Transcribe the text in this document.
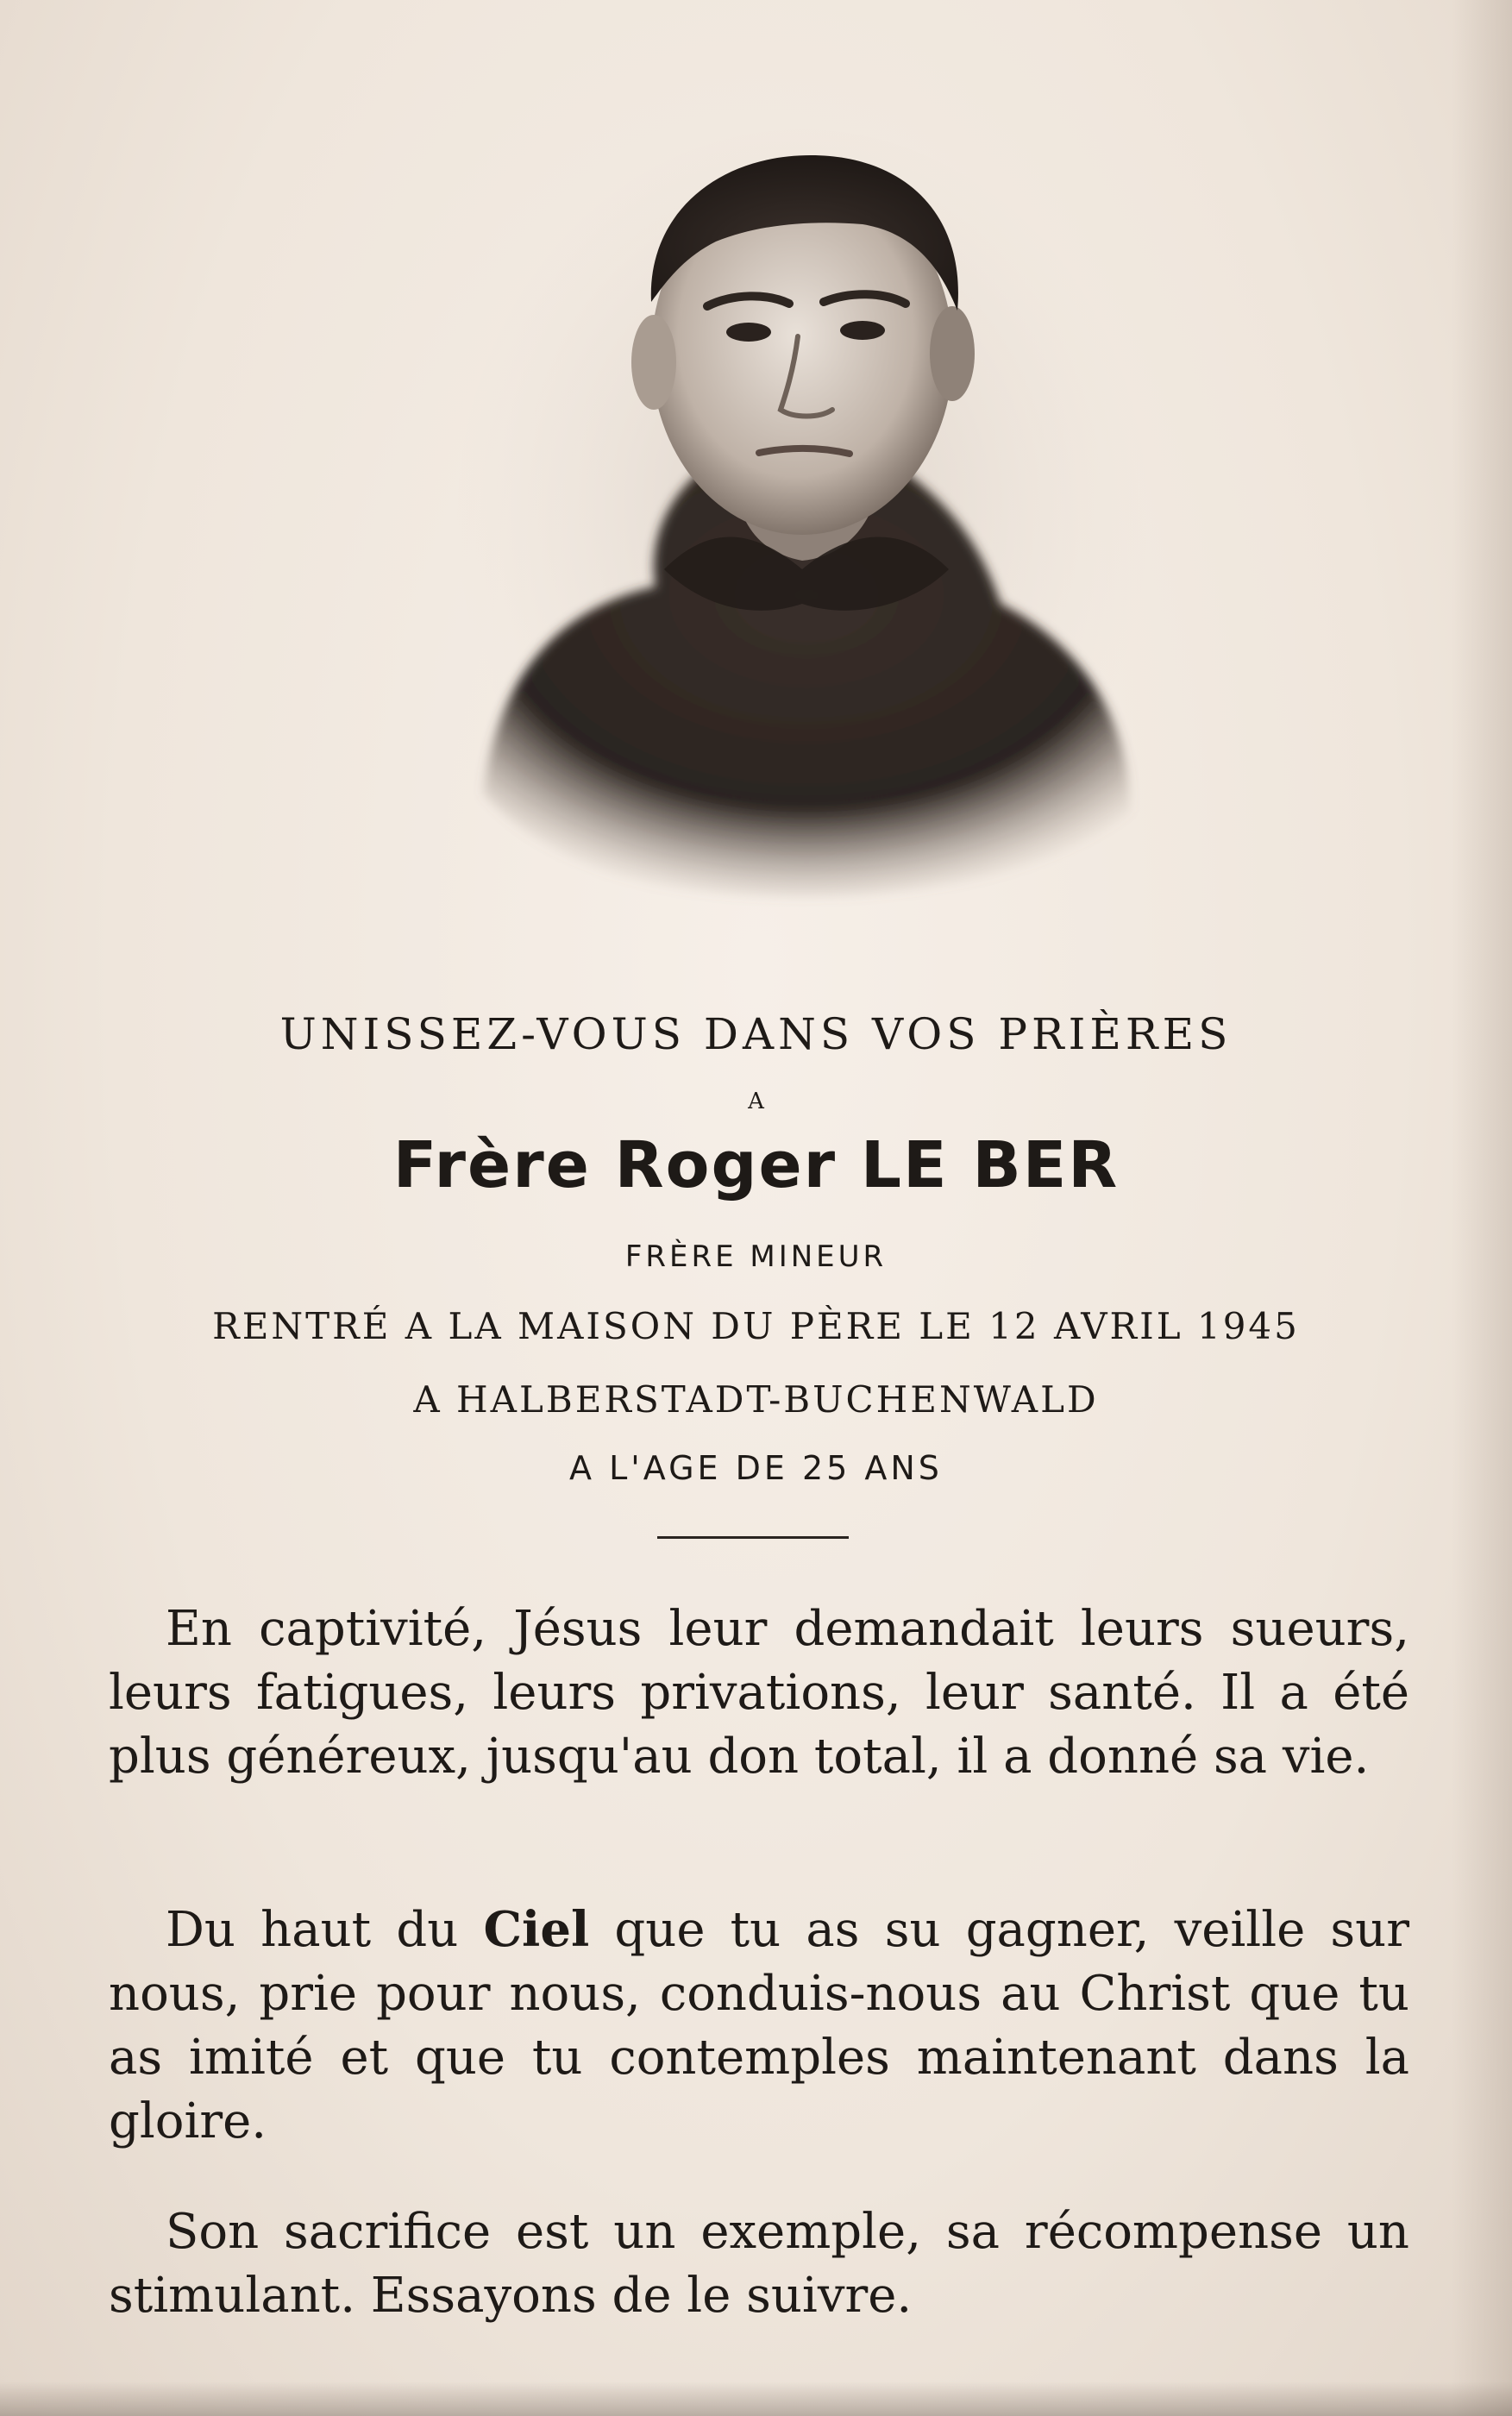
UNISSEZ-VOUS DANS VOS PRIÈRES
A
Frère Roger LE BER
FRÈRE MINEUR
RENTRÉ A LA MAISON DU PÈRE LE 12 AVRIL 1945
A HALBERSTADT-BUCHENWALD
A L'AGE DE 25 ANS
En captivité, Jésus leur demandait leurs sueurs, leurs fatigues, leurs privations, leur santé. Il a été plus généreux, jusqu'au don total, il a donné sa vie.
Du haut du Ciel que tu as su gagner, veille sur nous, prie pour nous, conduis-nous au Christ que tu as imité et que tu contemples maintenant dans la gloire.
Son sacrifice est un exemple, sa récompense un stimulant. Essayons de le suivre.
